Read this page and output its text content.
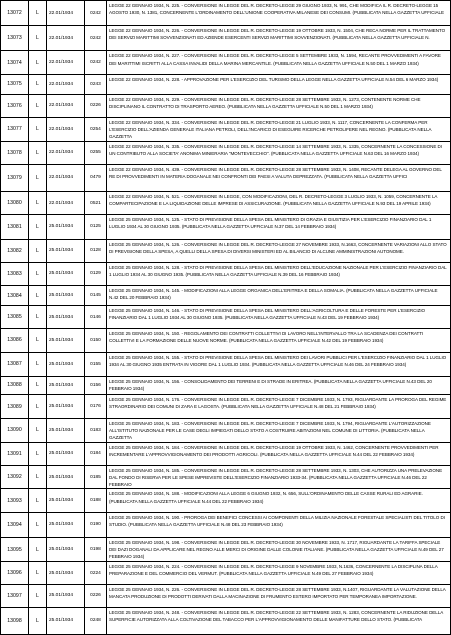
13072	L	22.01/1934	0242	LEGGE 22 GENNAIO 1934, N. 225. - CONVERSIONE IN LEGGE DEL R. DECRETO-LEGGE 29 GIUGNO 1933, N. 991, CHE MODIFICA IL R. DECRETO-LEGGE 15 AGOSTO 1930, N. 1381, CONCERNENTE L'ORDINAMENTO DELL'UNIONE COOPERATIVA MILANESE DEI CONSUMI. (PUBBLICATA NELLA GAZZETTA UFFICIALE
13073	L	22.01/1934	0242	LEGGE 22 GENNAIO 1934, N. 226. - CONVERSIONE IN LEGGE DEL R. DECRETO-LEGGE 19 OTTOBRE 1933, N. 1504, CHE RECA NORME PER IL TRATTAMENTO DEI SERVIZI MARITTIMI SOVVENZIONATI ED AZIENDE ESERCENTI SERVIZI MARITTIMI SOVVENZIONATI. (PUBBLICATA NELLA GAZZETTA UFFICIALE N.
13074	L	22.01/1934	0242	LEGGE 22 GENNAIO 1934, N. 227. - CONVERSIONE IN LEGGE DEL R. DECRETO-LEGGE 5 SETTEMBRE 1933, N. 1594, RECANTE PROVVEDIMENTI A FAVORE DEI MARITTIMI ISCRITTI ALLA CASSA INVALIDI DELLA MARINA MERCANTILE. (PUBBLICATA NELLA GAZZETTA UFFICIALE N.50 DEL 1 MARZO 1934)
13075	L	22.01/1934	0243	LEGGE 22 GENNAIO 1934, N. 228. - APPROVAZIONE PER L'ESERCIZIO DEL TURISMO DELLA LEGGE NELLA GAZZETTA UFFICIALE N.54 DEL 6 MARZO 1934)
13076	L	22.01/1934	0226	LEGGE 22 GENNAIO 1934, N. 229. - CONVERSIONE IN LEGGE DEL R. DECRETO-LEGGE 28 SETTEMBRE 1933, N. 1273, CONTENENTE NORME CHE DISCIPLINANO IL CONTRATTO DI TRASPORTO AEREO. (PUBBLICATA NELLA GAZZETTA UFFICIALE N.50 DEL 1 MARZO 1934)
13077	L	22.01/1934	0254	LEGGE 22 GENNAIO 1934, N. 334. - CONVERSIONE IN LEGGE DEL R. DECRETO-LEGGE 21 LUGLIO 1933, N. 1117, CONCERNENTE LA CONFERMA PER L'ESERCIZIO DELL'AZIENDA GENERALE ITALIANA PETROLI, DELL'INCARICO DI ESEGUIRE RICERCHE PETROLIFERE NEL REGNO. (PUBBLICATA NELLA GAZZETTA
13078	L	22.01/1934	0255	LEGGE 22 GENNAIO 1934, N. 335. - CONVERSIONE IN LEGGE DEL R. DECRETO-LEGGE 14 SETTEMBRE 1933, N. 1335, CONCERNENTE LA CONCESSIONE DI UN CONTRIBUTO ALLA SOCIETA' ANONIMA MINIERARIA "MONTEVECCHIO". (PUBBLICATA NELLA GAZZETTA UFFICIALE N.63 DEL 16 MARZO 1934)
13079	L	22.01/1934	0479	LEGGE 22 GENNAIO 1934, N. 439. - CONVERSIONE IN LEGGE DEL R. DECRETO-LEGGE 28 SETTEMBRE 1933, N. 1408, RECANTE DELEGA AL GOVERNO DEL RE DI PROVVEDIMENTI IN MATERIA DOGANALE NEI CONFRONTI DEI PAESI A VALUTA DEPREZZATA. (PUBBLICATA NELLA GAZZETTA UFFICI
13080	L	22.01/1934	0521	LEGGE 22 GENNAIO 1934, N. 521. - CONVERSIONE IN LEGGE, CON MODIFICAZIONI, DEL R. DECRETO-LEGGE 3 LUGLIO 1933, N. 1059, CONCERNENTE LA COMPARTECIPAZIONE E LA LIQUIDAZIONE DELLE IMPRESE DI ASSICURAZIONE. (PUBBLICATA NELLA GAZZETTA UFFICIALE N.93 DEL 19 APRILE 1934)
13081	L	25.01/1934	0125	LEGGE 25 GENNAIO 1934, N. 125. - STATO DI PREVISIONE DELLA SPESA DEL MINISTERO DI GRAZIA E GIUSTIZIA PER L'ESERCIZIO FINANZIARIO DAL 1 LUGLIO 1934 AL 30 GIUGNO 1935. (PUBBLICATA NELLA GAZZETTA UFFICIALE N.37 DEL 14 FEBBRAIO 1934)
13082	L	25.01/1934	0128	LEGGE 25 GENNAIO 1934, N. 126. - CONVERSIONE IN LEGGE DEL R. DECRETO-LEGGE 27 NOVEMBRE 1933, N.1663, CONCERNENTE VARIAZIONI ALLO STATO DI PREVISIONE DELLA SPESA, A QUELLI DELLA SPESA DI DIVERSI MINISTERI ED AL BILANCIO DI ALCUNE AMMINISTRAZIONI AUTONOME.
13083	L	25.01/1934	0129	LEGGE 25 GENNAIO 1934, N. 128. - STATO DI PREVISIONE DELLA SPESA DEL MINISTERO DELL'EDUCAZIONE NAZIONALE PER L'ESERCIZIO FINANZIARIO DAL 1 LUGLIO 1934 AL 30 GIUGNO 1935. (PUBBLICATA NELLA GAZZETTA UFFICIALE N.39 DEL 16 FEBBRAIO 1934)
13084	L	25.01/1934	0145	LEGGE 25 GENNAIO 1934, N. 145. - MODIFICAZIONI ALLA LEGGE ORGANICA DELL'ERITREA E DELLA SOMALIA. (PUBBLICATA NELLA GAZZETTA UFFICIALE N.42 DEL 20 FEBBRAIO 1934)
13085	L	25.01/1934	0146	LEGGE 25 GENNAIO 1934, N. 146. - STATO DI PREVISIONE DELLA SPESA DEL MINISTERO DELL'AGRICOLTURA E DELLE FORESTE PER L'ESERCIZIO FINANZIARIO DAL 1 LUGLIO 1934 AL 30 GIUGNO 1935. (PUBBLICATA NELLA GAZZETTA UFFICIALE N.43 DEL 19 FEBBRAIO 1934)
13086	L	25.01/1934	0150	LEGGE 25 GENNAIO 1934, N. 150. - REGOLAMENTO DEI CONTRATTI COLLETTIVI DI LAVORO NELL'INTERVALLO TRA LA SCADENZA DEI CONTRATTI COLLETTIVI E LA FORMAZIONE DELLE NUOVE NORME. (PUBBLICATA NELLA GAZZETTA UFFICIALE N.42 DEL 19 FEBBRAIO 1934)
13087	L	25.01/1934	0155	LEGGE 25 GENNAIO 1934, N. 155. - STATO DI PREVISIONE DELLA SPESA DEL MINISTERO DEI LAVORI PUBBLICI PER L'ESERCIZIO FINANZIARIO DAL 1 LUGLIO 1934 AL 30 GIUGNO 1935 ENTRATA IN VIGORE DAL 1 LUGLIO 1934. (PUBBLICATA NELLA GAZZETTA UFFICIALE N.46 DEL 24 FEBBRAIO 1934)
13088	L	25.01/1934	0156	LEGGE 25 GENNAIO 1934, N. 156. - CONSOLIDAMENTO DEI TERRENI E DI STRADE IN ERITREA. (PUBBLICATA NELLA GAZZETTA UFFICIALE N.43 DEL 20 FEBBRAIO 1934)
13089	L	25.01/1934	0176	LEGGE 25 GENNAIO 1934, N. 176. - CONVERSIONE IN LEGGE DEL R. DECRETO-LEGGE 7 DICEMBRE 1933, N. 1793, RIGUARDANTE LA PROROGA DEL REGIME STRAORDINARIO DEI COMUNI DI ZARA E LAGOSTA. (PUBBLICATA NELLA GAZZETTA UFFICIALE N.48 DEL 21 FEBBRAIO 1934)
13090	L	25.01/1934	0183	LEGGE 25 GENNAIO 1934, N. 183. - CONVERSIONE IN LEGGE DEL R. DECRETO-LEGGE 7 DICEMBRE 1933, N. 1794, RIGUARDANTE L'AUTORIZZAZIONE ALL'ISTITUTO NAZIONALE PER LE CASE DEGLI IMPIEGATI DELLO STATO A COSTRUIRE ABITAZIONI NEL COMUNE DI LITTORIA. (PUBBLICATA NELLA GAZZETTA
13091	L	25.01/1934	0184	LEGGE 25 GENNAIO 1934, N. 184. - CONVERSIONE IN LEGGE DEL R. DECRETO-LEGGE 19 OTTOBRE 1933, N. 1462, CONCERNENTE PROVVEDIMENTI PER INCREMENTARE L'APPROVVIGIONAMENTO DEI PRODOTTI AGRICOLI. (PUBBLICATA NELLA GAZZETTA UFFICIALE N.44 DEL 22 FEBBRAIO 1934)
13092	L	25.01/1934	0185	LEGGE 25 GENNAIO 1934, N. 185. - CONVERSIONE IN LEGGE DEL R. DECRETO-LEGGE 28 SETTEMBRE 1933, N. 1303, CHE AUTORIZZA UNA PRELEVAZIONE DAL FONDO DI RISERVA PER LE SPESE IMPREVISTE DELL'ESERCIZIO FINANZIARIO 1933-34. (PUBBLICATA NELLA GAZZETTA UFFICIALE N.46 DEL 22 FEBBRAIO
13093	L	25.01/1934	0188	LEGGE 25 GENNAIO 1934, N. 188. - MODIFICAZIONI ALLA LEGGE 6 GIUGNO 1932, N. 656, SULL'ORDINAMENTO DELLE CASSE RURALI ED AGRARIE. (PUBBLICATA NELLA GAZZETTA UFFICIALE N.44 DEL 22 FEBBRAIO 1934)
13094	L	25.01/1934	0190	LEGGE 25 GENNAIO 1934, N. 190. - PROROGA DEI BENEFICI CONCESSI AI COMPONENTI DELLA MILIZIA NAZIONALE FORESTALE SPECIALISTI DEL TITOLO DI STUDIO. (PUBBLICATA NELLA GAZZETTA UFFICIALE N.48 DEL 23 FEBBRAIO 1934)
13095	L	25.01/1934	0198	LEGGE 25 GENNAIO 1934, N. 198. - CONVERSIONE IN LEGGE DEL R. DECRETO-LEGGE 30 NOVEMBRE 1933, N. 1717, RIGUARDANTE LA TARIFFA SPECIALE DEI DAZI DOGANALI DA APPLICARE NEL REGNO ALLE MERCI DI ORIGINE DALLE COLONIE ITALIANE. (PUBBLICATA NELLA GAZZETTA UFFICIALE N.49 DEL 27 FEBBRAIO 1934)
13096	L	25.01/1934	0224	LEGGE 25 GENNAIO 1934, N. 224. - CONVERSIONE IN LEGGE DEL R. DECRETO-LEGGE 9 NOVEMBRE 1933, N.1636, CONCERNENTE LA DISCIPLINA DELLA PREPARAZIONE E DEL COMMERCIO DEL VERMUT. (PUBBLICATA NELLA GAZZETTA UFFICIALE N.49 DEL 27 FEBBRAIO 1934)
13097	L	25.01/1934	0226	LEGGE 25 GENNAIO 1934, N. 226. - CONVERSIONE IN LEGGE DEL R. DECRETO-LEGGE 28 SETTEMBRE 1933, N.1407, RIGUARDANTE LA VALUTAZIONE DELLA MANCATA PRODUZIONE DI PRODOTTI DERIVATI DALLA MACINAZIONE DI FRUMENTO ESTERO IMPORTATO PER TEMPORANEA IMPORTAZIONE.
13098	L	25.01/1934	0248	LEGGE 25 GENNAIO 1934, N. 248. - CONVERSIONE IN LEGGE DEL R. DECRETO-LEGGE 22 SETTEMBRE 1933, N. 1283, CONCERNENTE LA RIDUZIONE DELLA SUPERFICIE AUTORIZZATA ALLA COLTIVAZIONE DEL TABACCO PER L'APPROVVIGIONAMENTO DELLE MANIFATTURE DELLO STATO. (PUBBLICATA
